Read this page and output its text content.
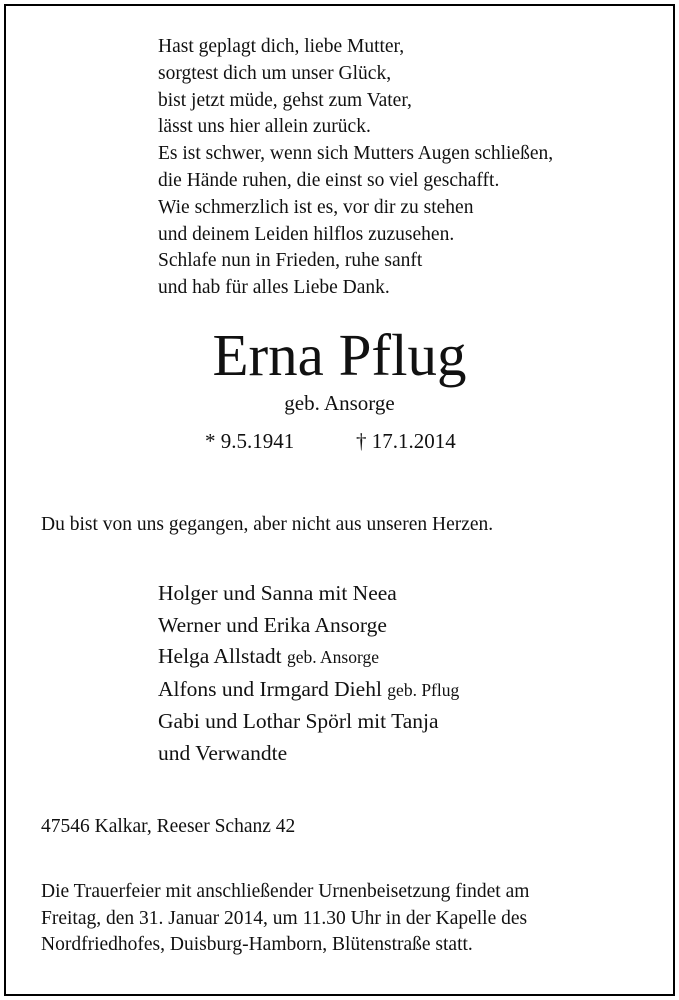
Hast geplagt dich, liebe Mutter,
sorgtest dich um unser Glück,
bist jetzt müde, gehst zum Vater,
lässt uns hier allein zurück.
Es ist schwer, wenn sich Mutters Augen schließen,
die Hände ruhen, die einst so viel geschafft.
Wie schmerzlich ist es, vor dir zu stehen
und deinem Leiden hilflos zuzusehen.
Schlafe nun in Frieden, ruhe sanft
und hab für alles Liebe Dank.
Erna Pflug
geb. Ansorge
* 9.5.1941	† 17.1.2014
Du bist von uns gegangen, aber nicht aus unseren Herzen.
Holger und Sanna mit Neea
Werner und Erika Ansorge
Helga Allstadt geb. Ansorge
Alfons und Irmgard Diehl geb. Pflug
Gabi und Lothar Spörl mit Tanja
und Verwandte
47546 Kalkar, Reeser Schanz 42
Die Trauerfeier mit anschließender Urnenbeisetzung findet am
Freitag, den 31. Januar 2014, um 11.30 Uhr in der Kapelle des
Nordfriedhofes, Duisburg-Hamborn, Blütenstraße statt.
